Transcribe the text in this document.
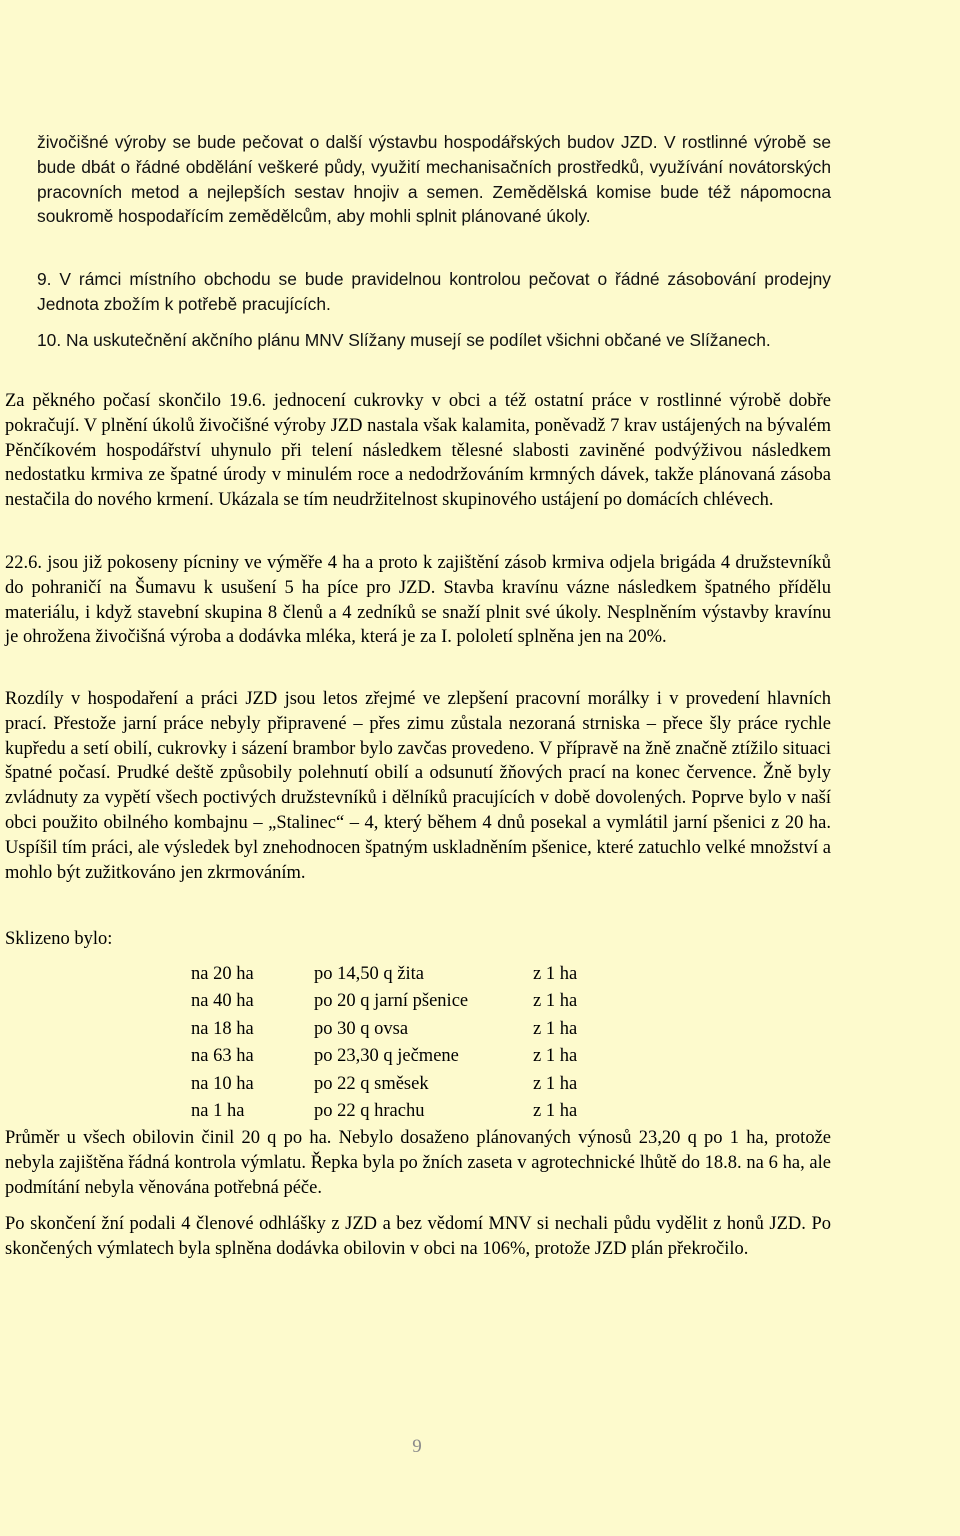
živočišné výroby se bude pečovat o další výstavbu hospodářských budov JZD. V rostlinné výrobě se bude dbát o řádné obdělání veškeré půdy, využití mechanisačních prostředků, využívání novátorských pracovních metod a nejlepších sestav hnojiv a semen. Zemědělská komise bude též nápomocna soukromě hospodařícím zemědělcům, aby mohli splnit plánované úkoly.

9. V rámci místního obchodu se bude pravidelnou kontrolou pečovat o řádné zásobování prodejny Jednota zbožím k potřebě pracujících.

10. Na uskutečnění akčního plánu MNV Slížany musejí se podílet všichni občané ve Slížanech.

Za pěkného počasí skončilo 19.6. jednocení cukrovky v obci a též ostatní práce v rostlinné výrobě dobře pokračují. V plnění úkolů živočišné výroby JZD nastala však kalamita, poněvadž 7 krav ustájených na bývalém Pěnčíkovém hospodářství uhynulo při telení následkem tělesné slabosti zaviněné podvýživou následkem nedostatku krmiva ze špatné úrody v minulém roce a nedodržováním krmných dávek, takže plánovaná zásoba nestačila do nového krmení. Ukázala se tím neudržitelnost skupinového ustájení po domácích chlévech.

22.6. jsou již pokoseny pícniny ve výměře 4 ha a proto k zajištění zásob krmiva odjela brigáda 4 družstevníků do pohraničí na Šumavu k usušení 5 ha píce pro JZD. Stavba kravínu vázne následkem špatného přídělu materiálu, i když stavební skupina 8 členů a 4 zedníků se snaží plnit své úkoly. Nesplněním výstavby kravínu je ohrožena živočišná výroba a dodávka mléka, která je za I. pololetí splněna jen na 20%.

Rozdíly v hospodaření a práci JZD jsou letos zřejmé ve zlepšení pracovní morálky i v provedení hlavních prací. Přestože jarní práce nebyly připravené – přes zimu zůstala nezoraná strniska – přece šly práce rychle kupředu a setí obilí, cukrovky i sázení brambor bylo zavčas provedeno. V přípravě na žně značně ztížilo situaci špatné počasí. Prudké deště způsobily polehnutí obilí a odsunutí žňových prací na konec července. Žně byly zvládnuty za vypětí všech poctivých družstevníků i dělníků pracujících v době dovolených. Poprve bylo v naší obci použito obilného kombajnu – „Stalinec“ – 4, který během 4 dnů posekal a vymlátil jarní pšenici z 20 ha. Uspíšil tím práci, ale výsledek byl znehodnocen špatným uskladněním pšenice, které zatuchlo velké množství a mohlo být zužitkováno jen zkrmováním.

Sklizeno bylo:

na 20 ha	po 14,50 q žita	z 1 ha
na 40 ha	po 20 q jarní pšenice	z 1 ha
na 18 ha	po 30 q ovsa	z 1 ha
na 63 ha	po 23,30 q ječmene	z 1 ha
na 10 ha	po 22 q směsek	z 1 ha
na 1 ha	po 22 q hrachu	z 1 ha

Průměr u všech obilovin činil 20 q po ha. Nebylo dosaženo plánovaných výnosů 23,20 q po 1 ha, protože nebyla zajištěna řádná kontrola výmlatu. Řepka byla po žních zaseta v agrotechnické lhůtě do 18.8. na 6 ha, ale podmítání nebyla věnována potřebná péče.

Po skončení žní podali 4 členové odhlášky z JZD a bez vědomí MNV si nechali půdu vydělit z honů JZD. Po skončených výmlatech byla splněna dodávka obilovin v obci na 106%, protože JZD plán překročilo.

9
